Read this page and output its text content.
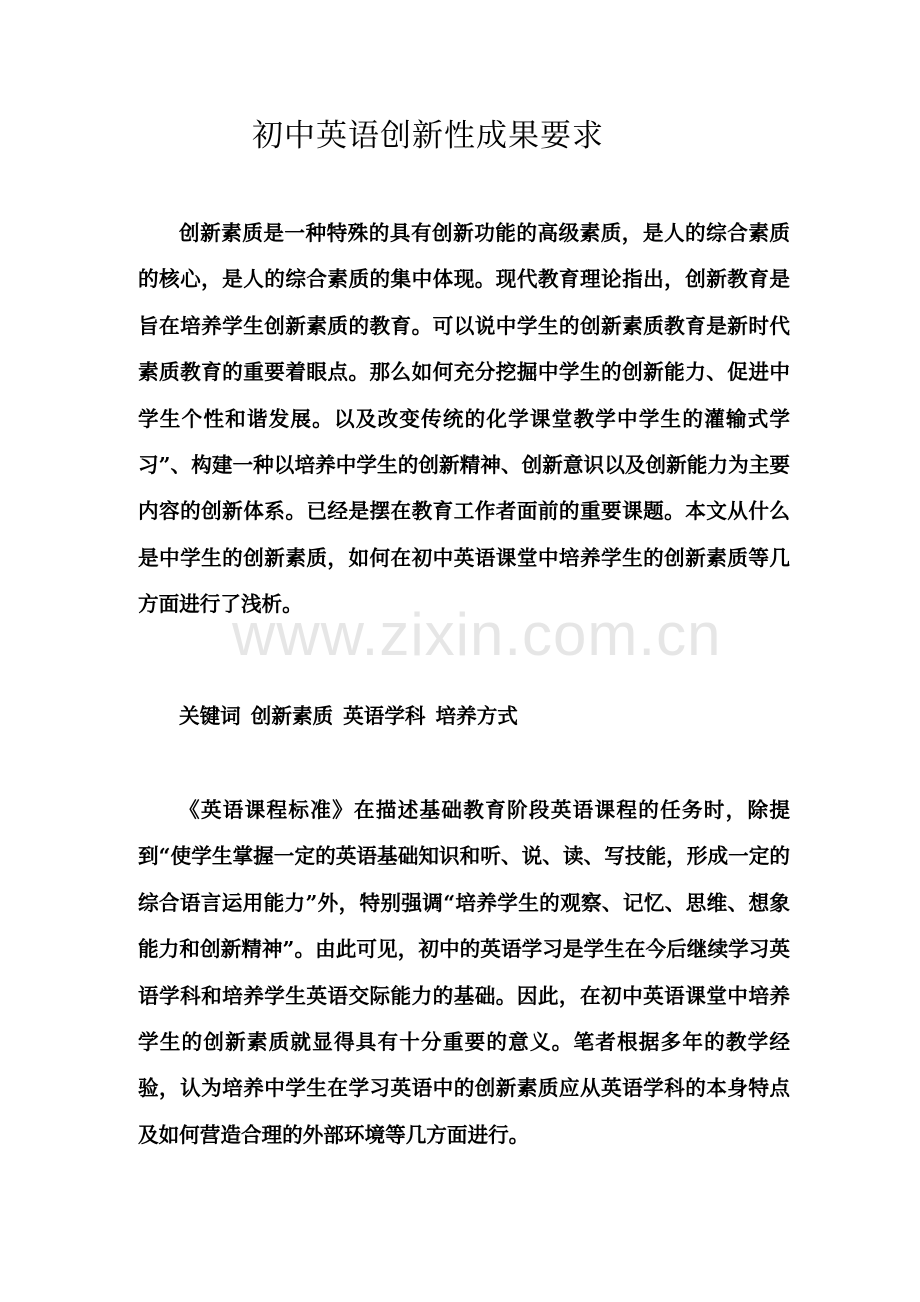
初中英语创新性成果要求

创新素质是一种特殊的具有创新功能的高级素质，是人的综合素质的核心，是人的综合素质的集中体现。现代教育理论指出，创新教育是旨在培养学生创新素质的教育。可以说中学生的创新素质教育是新时代素质教育的重要着眼点。那么如何充分挖掘中学生的创新能力、促进中学生个性和谐发展。以及改变传统的化学课堂教学中学生的灌输式学习”、构建一种以培养中学生的创新精神、创新意识以及创新能力为主要内容的创新体系。已经是摆在教育工作者面前的重要课题。本文从什么是中学生的创新素质，如何在初中英语课堂中培养学生的创新素质等几方面进行了浅析。

关键词 创新素质 英语学科 培养方式

《英语课程标准》在描述基础教育阶段英语课程的任务时，除提到“使学生掌握一定的英语基础知识和听、说、读、写技能，形成一定的综合语言运用能力”外，特别强调“培养学生的观察、记忆、思维、想象能力和创新精神”。由此可见，初中的英语学习是学生在今后继续学习英语学科和培养学生英语交际能力的基础。因此，在初中英语课堂中培养学生的创新素质就显得具有十分重要的意义。笔者根据多年的教学经验，认为培养中学生在学习英语中的创新素质应从英语学科的本身特点及如何营造合理的外部环境等几方面进行。

www.zixin.com.cn
